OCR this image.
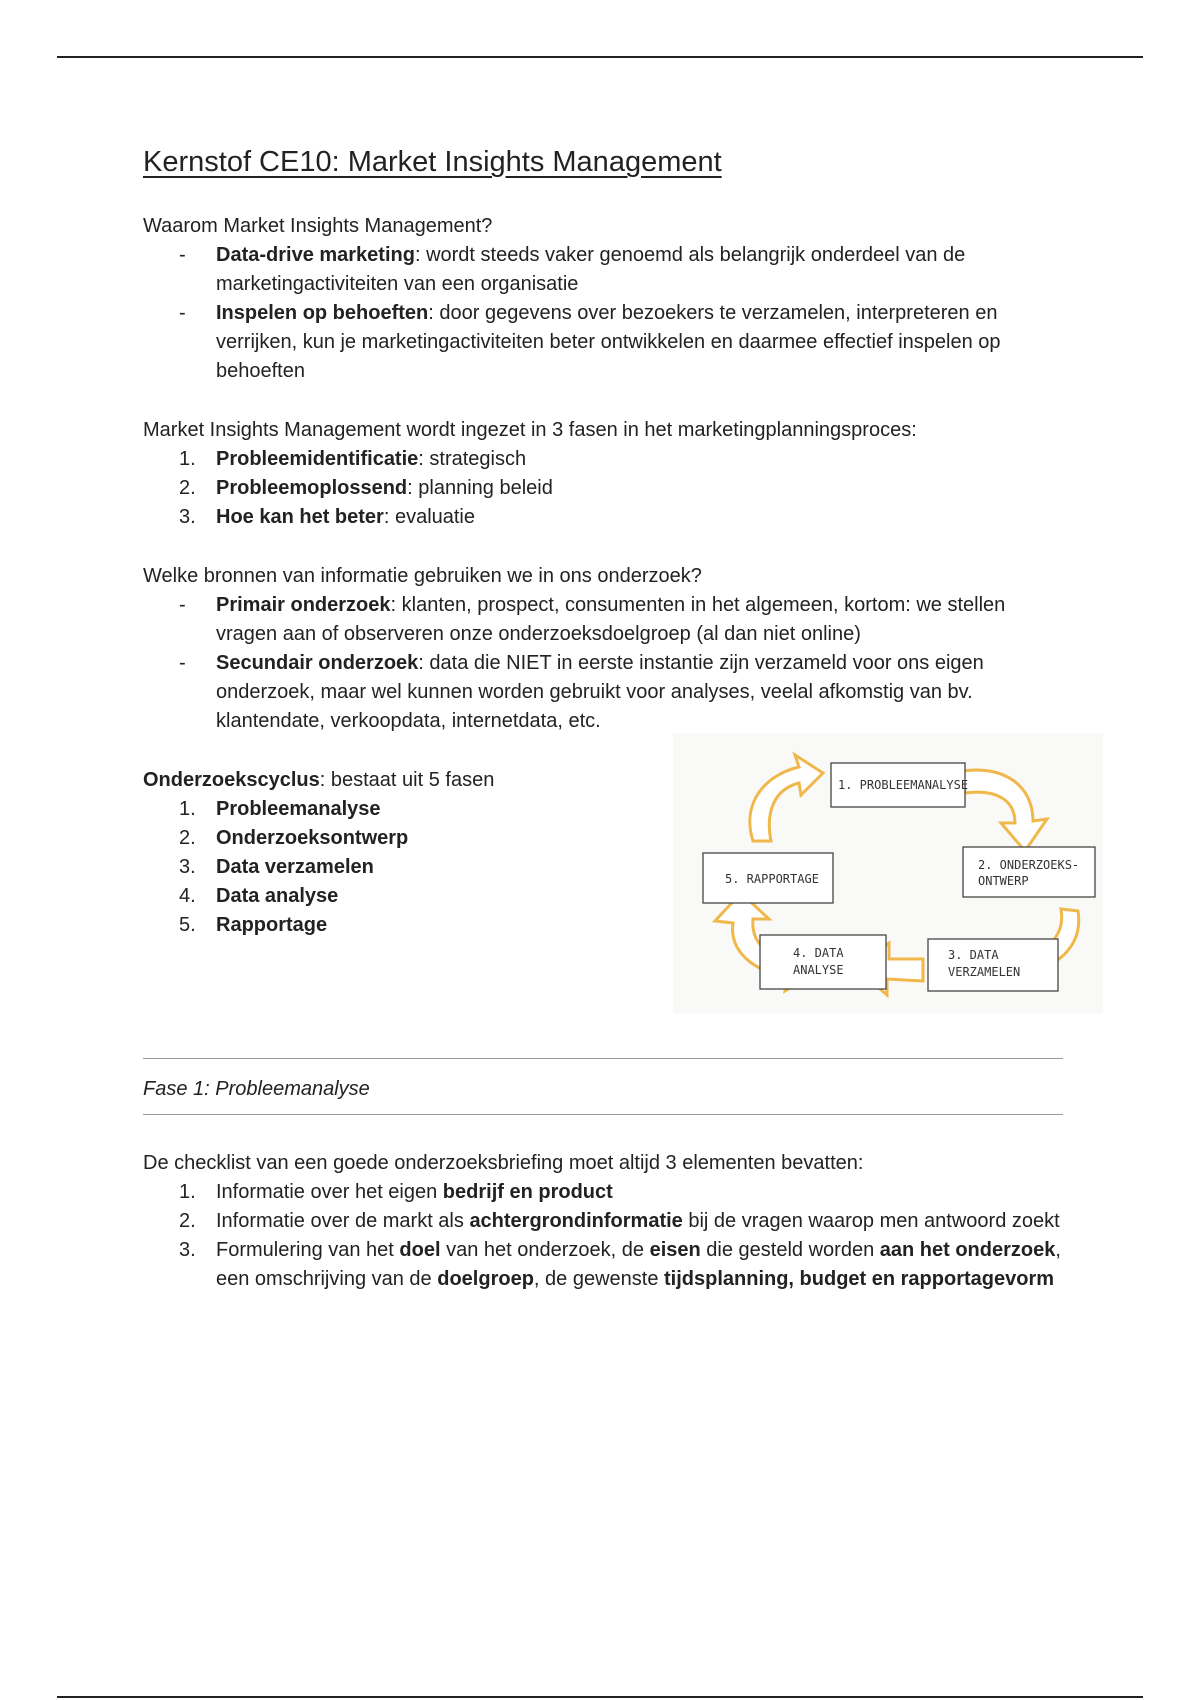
Kernstof CE10: Market Insights Management

Waarom Market Insights Management?

-	Data-drive marketing: wordt steeds vaker genoemd als belangrijk onderdeel van de marketingactiviteiten van een organisatie
-	Inspelen op behoeften: door gegevens over bezoekers te verzamelen, interpreteren en verrijken, kun je marketingactiviteiten beter ontwikkelen en daarmee effectief inspelen op behoeften

Market Insights Management wordt ingezet in 3 fasen in het marketingplanningsproces:

1.	Probleemidentificatie: strategisch
2.	Probleemoplossend: planning beleid
3.	Hoe kan het beter: evaluatie

Welke bronnen van informatie gebruiken we in ons onderzoek?

-	Primair onderzoek: klanten, prospect, consumenten in het algemeen, kortom: we stellen vragen aan of observeren onze onderzoeksdoelgroep (al dan niet online)
-	Secundair onderzoek: data die NIET in eerste instantie zijn verzameld voor ons eigen onderzoek, maar wel kunnen worden gebruikt voor analyses, veelal afkomstig van bv. klantendate, verkoopdata, internetdata, etc.

Onderzoekscyclus: bestaat uit 5 fasen

1.	Probleemanalyse
2.	Onderzoeksontwerp
3.	Data verzamelen
4.	Data analyse
5.	Rapportage
1. PROBLEEMANALYSE
2. ONDERZOEKS-
ONTWERP
3. DATA
VERZAMELEN
4. DATA
ANALYSE
5. RAPPORTAGE
Fase 1: Probleemanalyse

De checklist van een goede onderzoeksbriefing moet altijd 3 elementen bevatten:

1.	Informatie over het eigen bedrijf en product
2.	Informatie over de markt als achtergrondinformatie bij de vragen waarop men antwoord zoekt
3.	Formulering van het doel van het onderzoek, de eisen die gesteld worden aan het onderzoek, een omschrijving van de doelgroep, de gewenste tijdsplanning, budget en rapportagevorm
